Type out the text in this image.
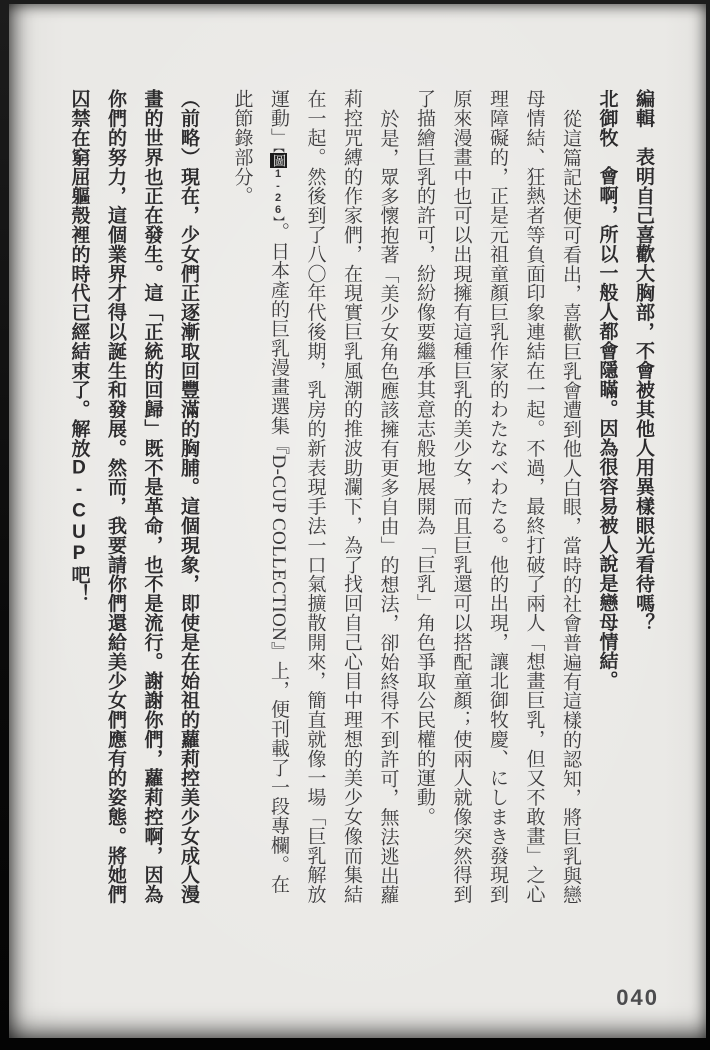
編輯表明自己喜歡大胸部，不會被其他人用異樣眼光看待嗎？

北御牧會啊，所以一般人都會隱瞞。因為很容易被人說是戀母情結。

從這篇記述便可看出，喜歡巨乳會遭到他人白眼，當時的社會普遍有這樣的認知，將巨乳與戀母情結、狂熱者等負面印象連結在一起。不過，最終打破了兩人「想畫巨乳，但又不敢畫」之心理障礙的，正是元祖童顏巨乳作家的わたなべわたる。他的出現，讓北御牧慶、にしまき發現到原來漫畫中也可以出現擁有這種巨乳的美少女，而且巨乳還可以搭配童顏；使兩人就像突然得到了描繪巨乳的許可，紛紛像要繼承其意志般地展開為「巨乳」角色爭取公民權的運動。

於是，眾多懷抱著「美少女角色應該擁有更多自由」的想法，卻始終得不到許可，無法逃出蘿莉控咒縛的作家們，在現實巨乳風潮的推波助瀾下，為了找回自己心目中理想的美少女像而集結在一起。然後到了八〇年代後期，乳房的新表現手法一口氣擴散開來，簡直就像一場「巨乳解放運動」【圖1-26】。日本產的巨乳漫畫選集『D-CUP COLLECTION』上，便刊載了一段專欄。在此節錄部分。

（前略）現在，少女們正逐漸取回豐滿的胸脯。這個現象，即使是在始祖的蘿莉控美少女成人漫畫的世界也正在發生。這「正統的回歸」既不是革命，也不是流行。謝謝你們，蘿莉控啊，因為你們的努力，這個業界才得以誕生和發展。然而，我要請你們還給美少女們應有的姿態。將她們囚禁在窮屈軀殼裡的時代已經結束了。解放D-CUP吧！

040
